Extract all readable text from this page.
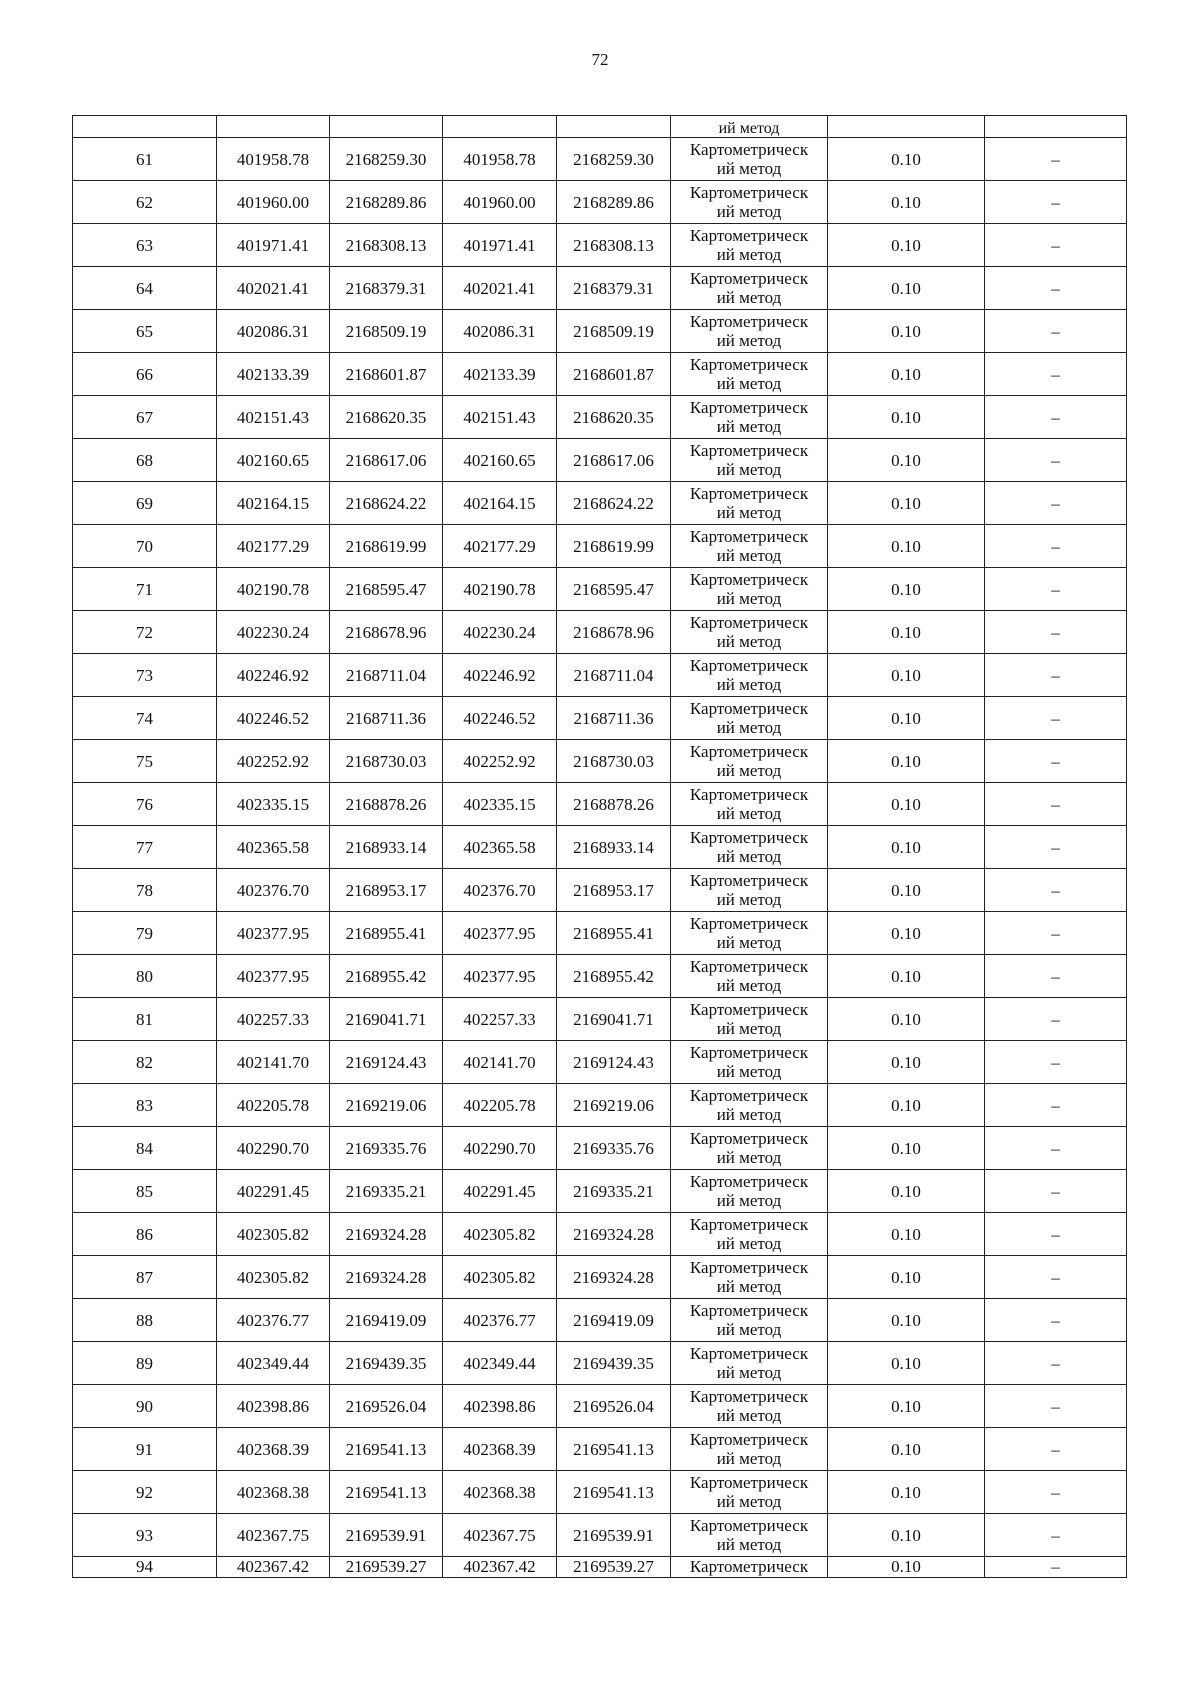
72
					ий метод		
61	401958.78	2168259.30	401958.78	2168259.30	Картометрическ
ий метод	0.10	–
62	401960.00	2168289.86	401960.00	2168289.86	Картометрическ
ий метод	0.10	–
63	401971.41	2168308.13	401971.41	2168308.13	Картометрическ
ий метод	0.10	–
64	402021.41	2168379.31	402021.41	2168379.31	Картометрическ
ий метод	0.10	–
65	402086.31	2168509.19	402086.31	2168509.19	Картометрическ
ий метод	0.10	–
66	402133.39	2168601.87	402133.39	2168601.87	Картометрическ
ий метод	0.10	–
67	402151.43	2168620.35	402151.43	2168620.35	Картометрическ
ий метод	0.10	–
68	402160.65	2168617.06	402160.65	2168617.06	Картометрическ
ий метод	0.10	–
69	402164.15	2168624.22	402164.15	2168624.22	Картометрическ
ий метод	0.10	–
70	402177.29	2168619.99	402177.29	2168619.99	Картометрическ
ий метод	0.10	–
71	402190.78	2168595.47	402190.78	2168595.47	Картометрическ
ий метод	0.10	–
72	402230.24	2168678.96	402230.24	2168678.96	Картометрическ
ий метод	0.10	–
73	402246.92	2168711.04	402246.92	2168711.04	Картометрическ
ий метод	0.10	–
74	402246.52	2168711.36	402246.52	2168711.36	Картометрическ
ий метод	0.10	–
75	402252.92	2168730.03	402252.92	2168730.03	Картометрическ
ий метод	0.10	–
76	402335.15	2168878.26	402335.15	2168878.26	Картометрическ
ий метод	0.10	–
77	402365.58	2168933.14	402365.58	2168933.14	Картометрическ
ий метод	0.10	–
78	402376.70	2168953.17	402376.70	2168953.17	Картометрическ
ий метод	0.10	–
79	402377.95	2168955.41	402377.95	2168955.41	Картометрическ
ий метод	0.10	–
80	402377.95	2168955.42	402377.95	2168955.42	Картометрическ
ий метод	0.10	–
81	402257.33	2169041.71	402257.33	2169041.71	Картометрическ
ий метод	0.10	–
82	402141.70	2169124.43	402141.70	2169124.43	Картометрическ
ий метод	0.10	–
83	402205.78	2169219.06	402205.78	2169219.06	Картометрическ
ий метод	0.10	–
84	402290.70	2169335.76	402290.70	2169335.76	Картометрическ
ий метод	0.10	–
85	402291.45	2169335.21	402291.45	2169335.21	Картометрическ
ий метод	0.10	–
86	402305.82	2169324.28	402305.82	2169324.28	Картометрическ
ий метод	0.10	–
87	402305.82	2169324.28	402305.82	2169324.28	Картометрическ
ий метод	0.10	–
88	402376.77	2169419.09	402376.77	2169419.09	Картометрическ
ий метод	0.10	–
89	402349.44	2169439.35	402349.44	2169439.35	Картометрическ
ий метод	0.10	–
90	402398.86	2169526.04	402398.86	2169526.04	Картометрическ
ий метод	0.10	–
91	402368.39	2169541.13	402368.39	2169541.13	Картометрическ
ий метод	0.10	–
92	402368.38	2169541.13	402368.38	2169541.13	Картометрическ
ий метод	0.10	–
93	402367.75	2169539.91	402367.75	2169539.91	Картометрическ
ий метод	0.10	–
94	402367.42	2169539.27	402367.42	2169539.27	Картометрическ	0.10	–
